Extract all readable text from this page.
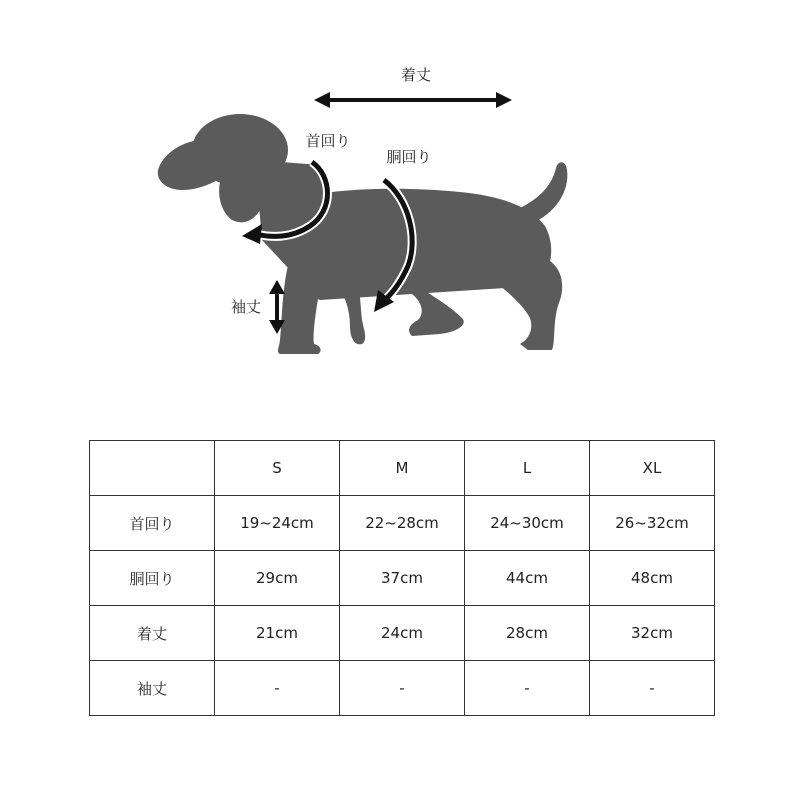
着丈
首回り
胴回り
袖丈
	S	M	L	XL
首回り	19~24cm	22~28cm	24~30cm	26~32cm
胴回り	29cm	37cm	44cm	48cm
着丈	21cm	24cm	28cm	32cm
袖丈	-	-	-	-
